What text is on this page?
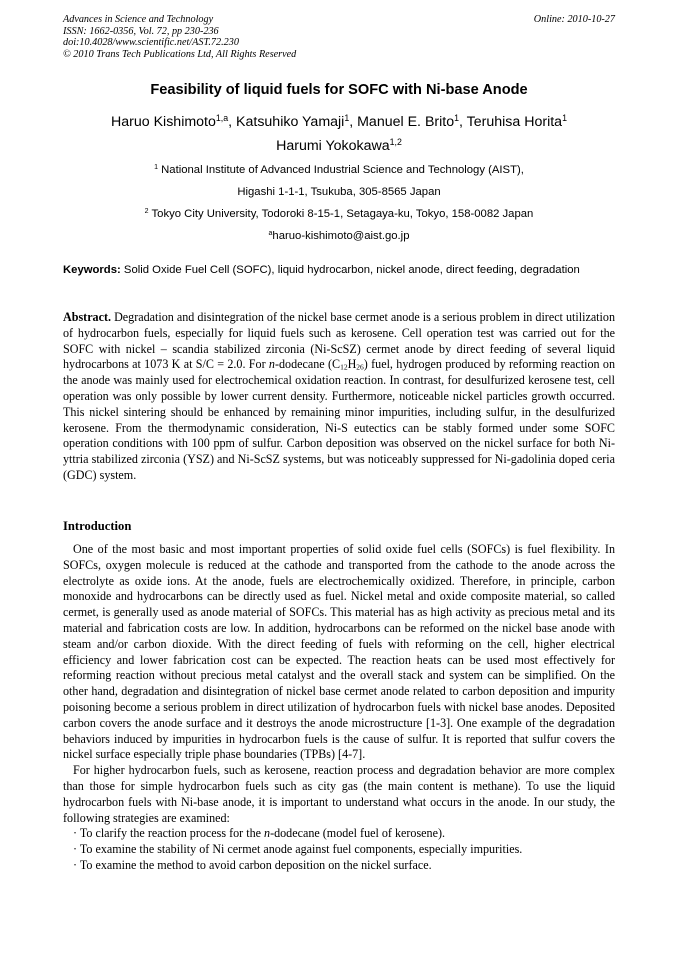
Advances in Science and Technology
ISSN: 1662-0356, Vol. 72, pp 230-236
doi:10.4028/www.scientific.net/AST.72.230
© 2010 Trans Tech Publications Ltd, All Rights Reserved
Online: 2010-10-27
Feasibility of liquid fuels for SOFC with Ni-base Anode
Haruo Kishimoto$^{1,a}$, Katsuhiko Yamaji$^1$, Manuel E. Brito$^1$, Teruhisa Horita$^1$
Harumi Yokokawa$^{1,2}$
$^1$ National Institute of Advanced Industrial Science and Technology (AIST),
Higashi 1-1-1, Tsukuba, 305-8565 Japan
$^2$ Tokyo City University, Todoroki 8-15-1, Setagaya-ku, Tokyo, 158-0082 Japan
$^a$haruo-kishimoto@aist.go.jp
Keywords: Solid Oxide Fuel Cell (SOFC), liquid hydrocarbon, nickel anode, direct feeding, degradation
Abstract. Degradation and disintegration of the nickel base cermet anode is a serious problem in direct utilization of hydrocarbon fuels, especially for liquid fuels such as kerosene. Cell operation test was carried out for the SOFC with nickel – scandia stabilized zirconia (Ni-ScSZ) cermet anode by direct feeding of several liquid hydrocarbons at 1073 K at S/C = 2.0. For n-dodecane $(C_{12}H_{26})$ fuel, hydrogen produced by reforming reaction on the anode was mainly used for electrochemical oxidation reaction. In contrast, for desulfurized kerosene test, cell operation was only possible by lower current density. Furthermore, noticeable nickel particles growth occurred. This nickel sintering should be enhanced by remaining minor impurities, including sulfur, in the desulfurized kerosene. From the thermodynamic consideration, Ni-S eutectics can be stably formed under some SOFC operation conditions with 100 ppm of sulfur. Carbon deposition was observed on the nickel surface for both Ni-yttria stabilized zirconia (YSZ) and Ni-ScSZ systems, but was noticeably suppressed for Ni-gadolinia doped ceria (GDC) system.
Introduction

One of the most basic and most important properties of solid oxide fuel cells (SOFCs) is fuel flexibility. In SOFCs, oxygen molecule is reduced at the cathode and transported from the cathode to the anode across the electrolyte as oxide ions. At the anode, fuels are electrochemically oxidized. Therefore, in principle, carbon monoxide and hydrocarbons can be directly used as fuel. Nickel metal and oxide composite material, so called cermet, is generally used as anode material of SOFCs. This material has as high activity as precious metal and its material and fabrication costs are low. In addition, hydrocarbons can be reformed on the nickel base anode with steam and/or carbon dioxide. With the direct feeding of fuels with reforming on the cell, higher electrical efficiency and lower fabrication cost can be expected. The reaction heats can be used most effectively for reforming reaction without precious metal catalyst and the overall stack and system can be simplified. On the other hand, degradation and disintegration of nickel base cermet anode related to carbon deposition and impurity poisoning become a serious problem in direct utilization of hydrocarbon fuels with nickel base anodes. Deposited carbon covers the anode surface and it destroys the anode microstructure [1-3]. One example of the degradation behaviors induced by impurities in hydrocarbon fuels is the cause of sulfur. It is reported that sulfur covers the nickel surface especially triple phase boundaries (TPBs) [4-7].

For higher hydrocarbon fuels, such as kerosene, reaction process and degradation behavior are more complex than those for simple hydrocarbon fuels such as city gas (the main content is methane). To use the liquid hydrocarbon fuels with Ni-base anode, it is important to understand what occurs in the anode. In our study, the following strategies are examined:

· To clarify the reaction process for the n-dodecane (model fuel of kerosene).
· To examine the stability of Ni cermet anode against fuel components, especially impurities.
· To examine the method to avoid carbon deposition on the nickel surface.
